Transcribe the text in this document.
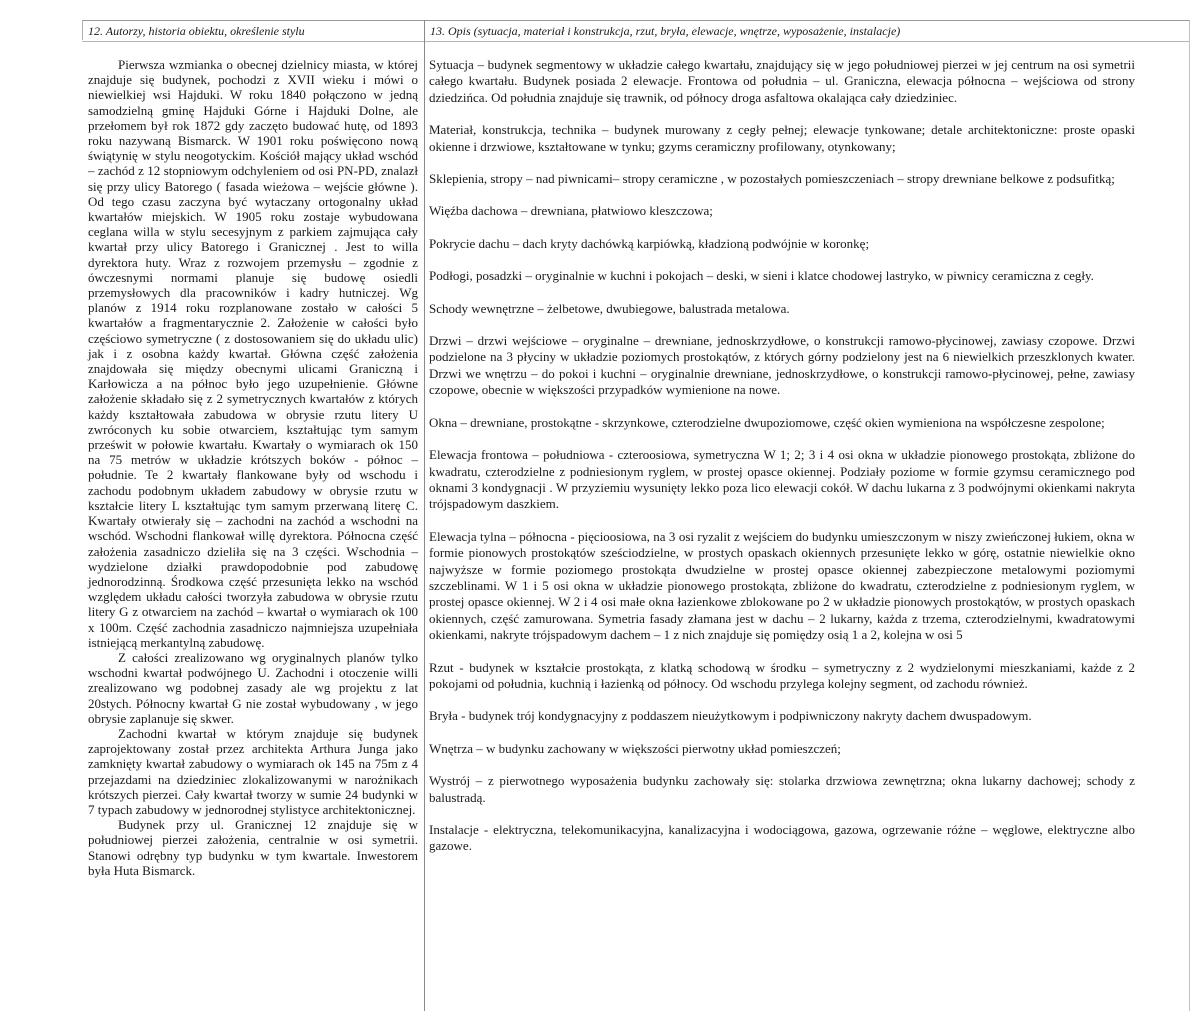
12. Autorzy, historia obiektu, określenie stylu	13. Opis (sytuacja, materiał i konstrukcja, rzut, bryła, elewacje, wnętrze, wyposażenie, instalacje)

Pierwsza wzmianka o obecnej dzielnicy miasta, w której znajduje się budynek, pochodzi z XVII wieku i mówi o niewielkiej wsi Hajduki. W roku 1840 połączono w jedną samodzielną gminę Hajduki Górne i Hajduki Dolne, ale przełomem był rok 1872 gdy zaczęto budować hutę, od 1893 roku nazywaną Bismarck. W 1901 roku poświęcono nową świątynię w stylu neogotyckim. Kościół mający układ wschód – zachód z 12 stopniowym odchyleniem od osi PN-PD, znalazł się przy ulicy Batorego ( fasada wieżowa – wejście główne ). Od tego czasu zaczyna być wytaczany ortogonalny układ kwartałów miejskich. W 1905 roku zostaje wybudowana ceglana willa w stylu secesyjnym z parkiem zajmująca cały kwartał przy ulicy Batorego i Granicznej . Jest to willa dyrektora huty. Wraz z rozwojem przemysłu – zgodnie z ówczesnymi normami planuje się budowę osiedli przemysłowych dla pracowników i kadry hutniczej. Wg planów z 1914 roku rozplanowane zostało w całości 5 kwartałów a fragmentarycznie 2. Założenie w całości było częściowo symetryczne ( z dostosowaniem się do układu ulic) jak i z osobna każdy kwartał. Główna część założenia znajdowała się między obecnymi ulicami Graniczną i Karłowicza a na północ było jego uzupełnienie. Główne założenie składało się z 2 symetrycznych kwartałów z których każdy kształtowała zabudowa w obrysie rzutu litery U zwróconych ku sobie otwarciem, kształtując tym samym prześwit w połowie kwartału. Kwartały o wymiarach ok 150 na 75 metrów w układzie krótszych boków - północ – południe. Te 2 kwartały flankowane były od wschodu i zachodu podobnym układem zabudowy w obrysie rzutu w kształcie litery L kształtując tym samym przerwaną literę C. Kwartały otwierały się – zachodni na zachód a wschodni na wschód. Wschodni flankował willę dyrektora. Północna część założenia zasadniczo dzieliła się na 3 części. Wschodnia – wydzielone działki prawdopodobnie pod zabudowę jednorodzinną. Środkowa część przesunięta lekko na wschód względem układu całości tworzyła zabudowa w obrysie rzutu litery G z otwarciem na zachód – kwartał o wymiarach ok 100 x 100m. Część zachodnia zasadniczo najmniejsza uzupełniała istniejącą merkantylną zabudowę.

Z całości zrealizowano wg oryginalnych planów tylko wschodni kwartał podwójnego U. Zachodni i otoczenie willi zrealizowano wg podobnej zasady ale wg projektu z lat 20stych. Północny kwartał G nie został wybudowany , w jego obrysie zaplanuje się skwer.

Zachodni kwartał w którym znajduje się budynek zaprojektowany został przez architekta Arthura Junga jako zamknięty kwartał zabudowy o wymiarach ok 145 na 75m z 4 przejazdami na dziedziniec zlokalizowanymi w narożnikach krótszych pierzei. Cały kwartał tworzy w sumie 24 budynki w 7 typach zabudowy w jednorodnej stylistyce architektonicznej.

Budynek przy ul. Granicznej 12 znajduje się w południowej pierzei założenia, centralnie w osi symetrii. Stanowi odrębny typ budynku w tym kwartale. Inwestorem była Huta Bismarck.

Sytuacja – budynek segmentowy w układzie całego kwartału, znajdujący się w jego południowej pierzei w jej centrum na osi symetrii całego kwartału. Budynek posiada 2 elewacje. Frontowa od południa – ul. Graniczna, elewacja północna – wejściowa od strony dziedzińca. Od południa znajduje się trawnik, od północy droga asfaltowa okalająca cały dziedziniec.

Materiał, konstrukcja, technika – budynek murowany z cegły pełnej; elewacje tynkowane; detale architektoniczne: proste opaski okienne i drzwiowe, kształtowane w tynku; gzyms ceramiczny profilowany, otynkowany;

Sklepienia, stropy – nad piwnicami– stropy ceramiczne , w pozostałych pomieszczeniach – stropy drewniane belkowe z podsufitką;

Więźba dachowa – drewniana, płatwiowo kleszczowa;

Pokrycie dachu – dach kryty dachówką karpiówką, kładzioną podwójnie w koronkę;

Podłogi, posadzki – oryginalnie w kuchni i pokojach – deski, w sieni i klatce chodowej lastryko, w piwnicy ceramiczna z cegły.

Schody wewnętrzne – żelbetowe, dwubiegowe, balustrada metalowa.

Drzwi – drzwi wejściowe – oryginalne – drewniane, jednoskrzydłowe, o konstrukcji ramowo-płycinowej, zawiasy czopowe. Drzwi podzielone na 3 płyciny w układzie poziomych prostokątów, z których górny podzielony jest na 6 niewielkich przeszklonych kwater. Drzwi we wnętrzu – do pokoi i kuchni – oryginalnie drewniane, jednoskrzydłowe, o konstrukcji ramowo-płycinowej, pełne, zawiasy czopowe, obecnie w większości przypadków wymienione na nowe.

Okna – drewniane, prostokątne - skrzynkowe, czterodzielne dwupoziomowe, część okien wymieniona na współczesne zespolone;

Elewacja frontowa – południowa - czteroosiowa, symetryczna W 1; 2; 3 i 4 osi okna w układzie pionowego prostokąta, zbliżone do kwadratu, czterodzielne z podniesionym ryglem, w prostej opasce okiennej. Podziały poziome w formie gzymsu ceramicznego pod oknami 3 kondygnacji . W przyziemiu wysunięty lekko poza lico elewacji cokół. W dachu lukarna z 3 podwójnymi okienkami nakryta trójspadowym daszkiem.

Elewacja tylna – północna - pięcioosiowa, na 3 osi ryzalit z wejściem do budynku umieszczonym w niszy zwieńczonej łukiem, okna w formie pionowych prostokątów sześciodzielne, w prostych opaskach okiennych przesunięte lekko w górę, ostatnie niewielkie okno najwyższe w formie poziomego prostokąta dwudzielne w prostej opasce okiennej zabezpieczone metalowymi poziomymi szczeblinami. W 1 i 5 osi okna w układzie pionowego prostokąta, zbliżone do kwadratu, czterodzielne z podniesionym ryglem, w prostej opasce okiennej. W 2 i 4 osi małe okna łazienkowe zblokowane po 2 w układzie pionowych prostokątów, w prostych opaskach okiennych, część zamurowana. Symetria fasady złamana jest w dachu – 2 lukarny, każda z trzema, czterodzielnymi, kwadratowymi okienkami, nakryte trójspadowym dachem – 1 z nich znajduje się pomiędzy osią 1 a 2, kolejna w osi 5

Rzut - budynek w kształcie prostokąta, z klatką schodową w środku – symetryczny z 2 wydzielonymi mieszkaniami, każde z 2 pokojami od południa, kuchnią i łazienką od północy. Od wschodu przylega kolejny segment, od zachodu również.

Bryła - budynek trój kondygnacyjny z poddaszem nieużytkowym i podpiwniczony nakryty dachem dwuspadowym.

Wnętrza – w budynku zachowany w większości pierwotny układ pomieszczeń;

Wystrój – z pierwotnego wyposażenia budynku zachowały się: stolarka drzwiowa zewnętrzna; okna lukarny dachowej; schody z balustradą.

Instalacje - elektryczna, telekomunikacyjna, kanalizacyjna i wodociągowa, gazowa, ogrzewanie różne – węglowe, elektryczne albo gazowe.
